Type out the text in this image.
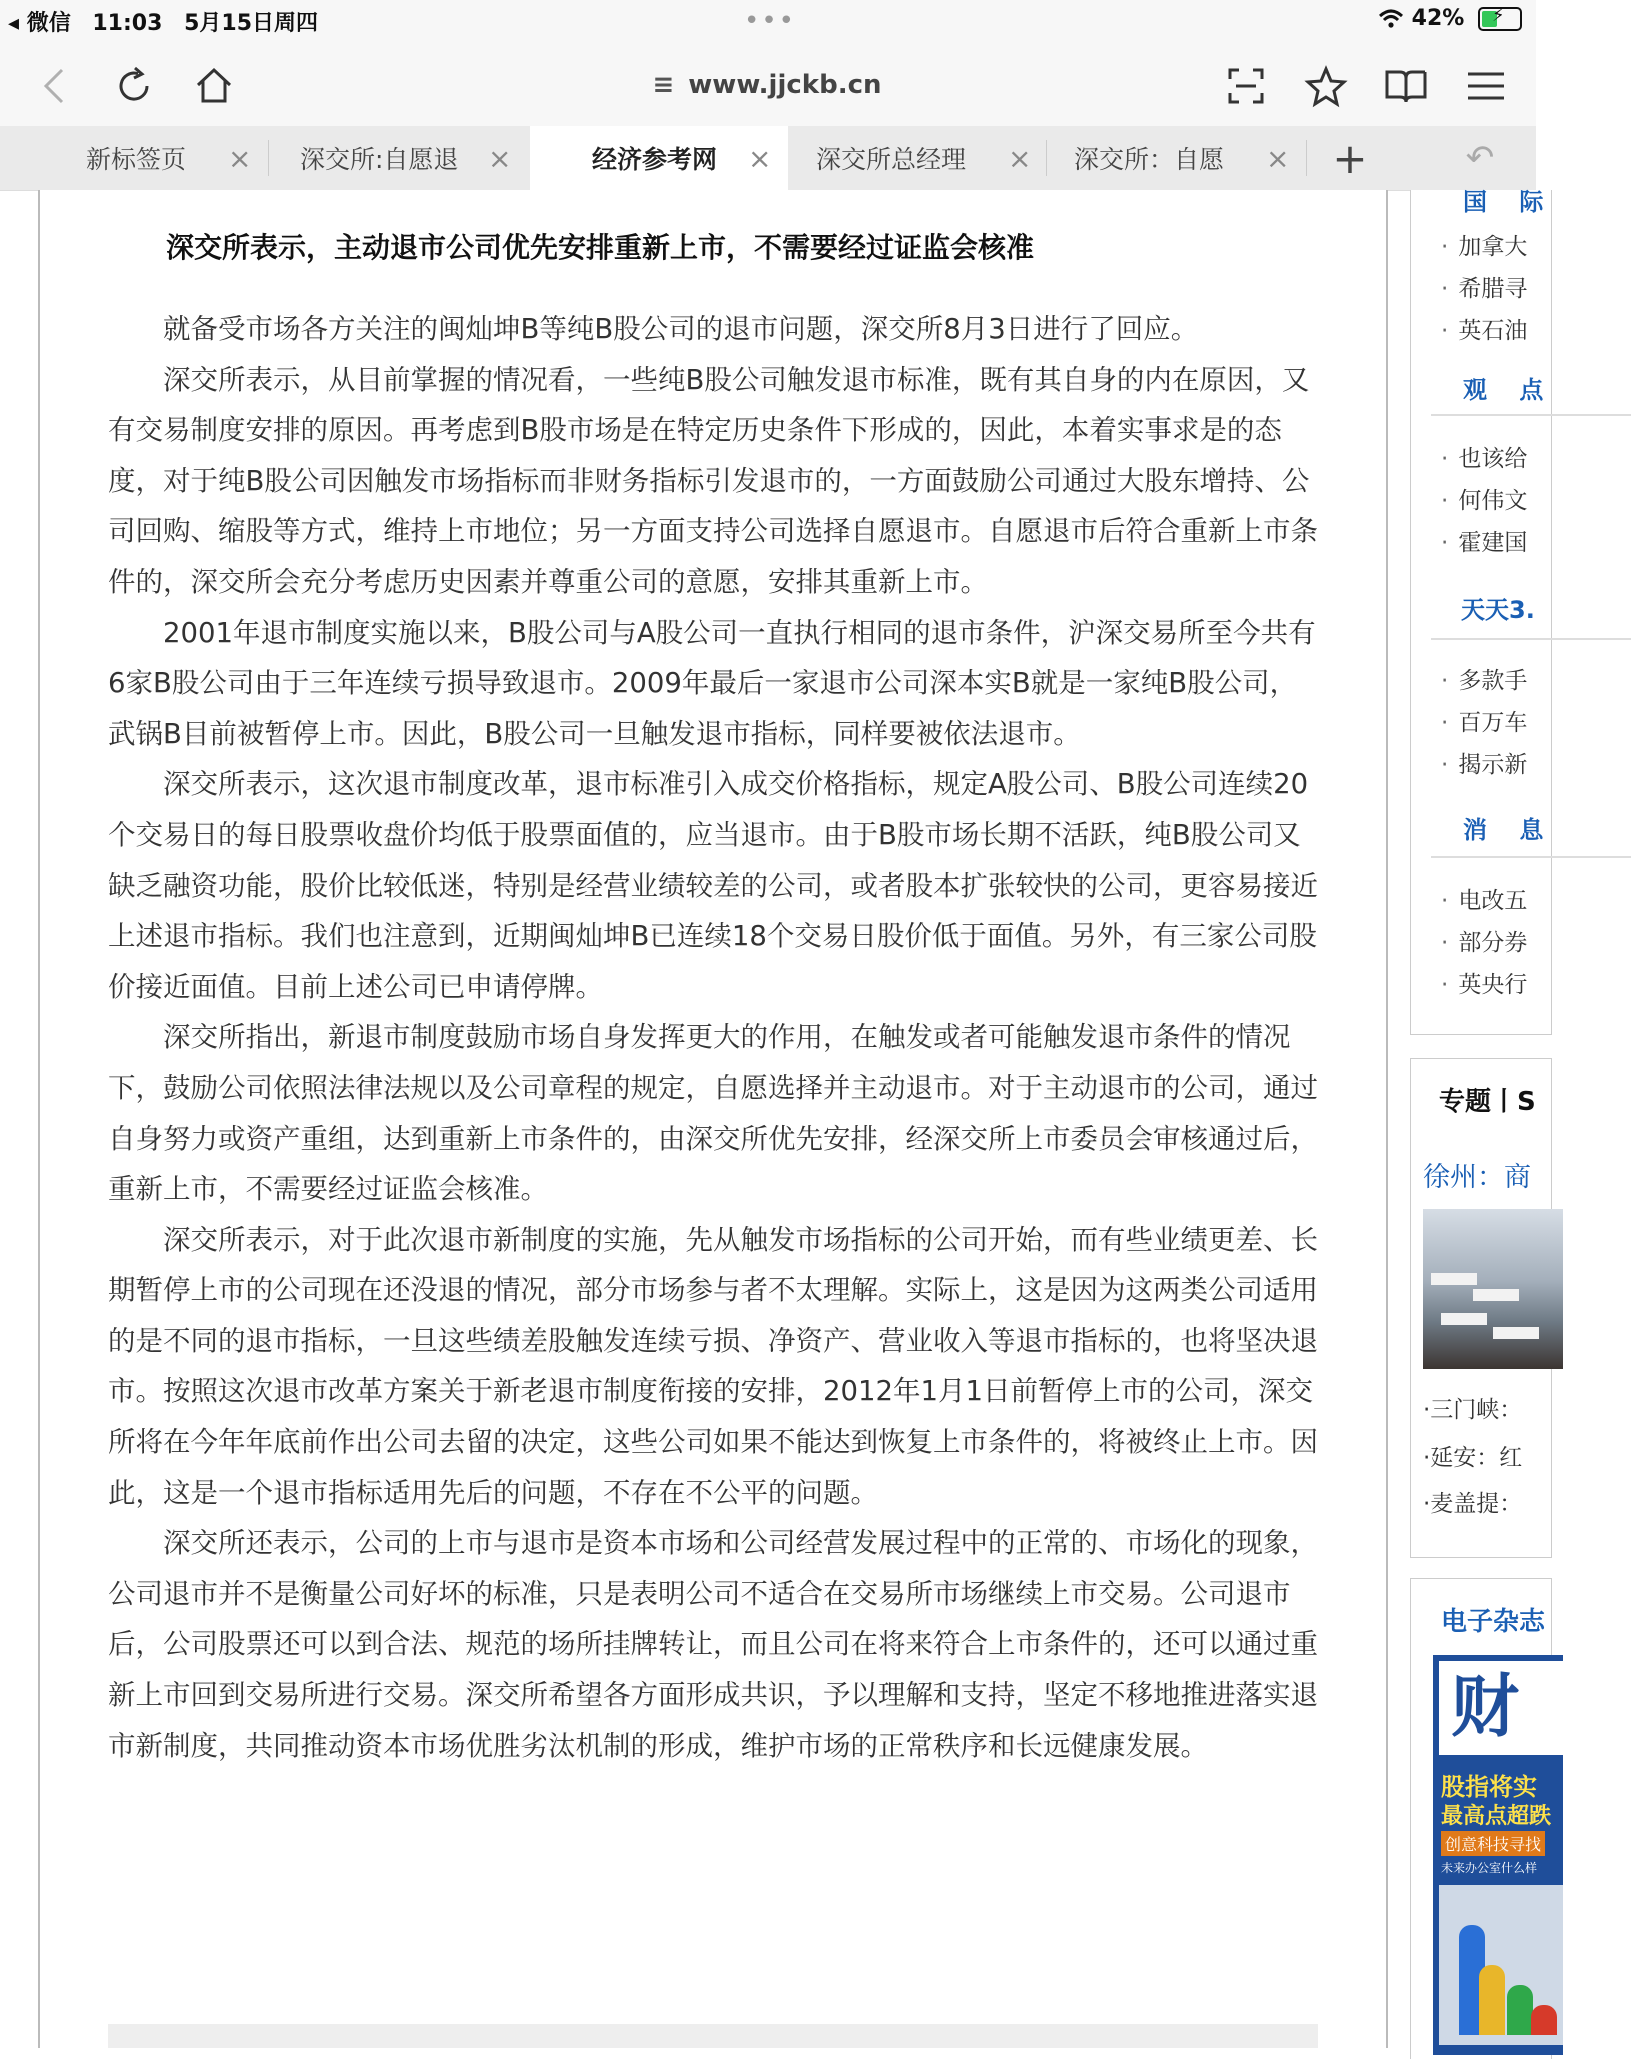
◂ 微信 11:03 5月15日周四	•••	42% ⚡
≡ www.jjckb.cn
新标签页 × 深交所:自愿退 ×	经济参考网 × 深交所总经理 × 深交所：自愿 × +	↶
深交所表示，主动退市公司优先安排重新上市，不需要经过证监会核准

就备受市场各方关注的闽灿坤B等纯B股公司的退市问题，深交所8月3日进行了回应。

深交所表示，从目前掌握的情况看，一些纯B股公司触发退市标准，既有其自身的内在原因，又有交易制度安排的原因。再考虑到B股市场是在特定历史条件下形成的，因此，本着实事求是的态度，对于纯B股公司因触发市场指标而非财务指标引发退市的，一方面鼓励公司通过大股东增持、公司回购、缩股等方式，维持上市地位；另一方面支持公司选择自愿退市。自愿退市后符合重新上市条件的，深交所会充分考虑历史因素并尊重公司的意愿，安排其重新上市。

2001年退市制度实施以来，B股公司与A股公司一直执行相同的退市条件，沪深交易所至今共有6家B股公司由于三年连续亏损导致退市。2009年最后一家退市公司深本实B就是一家纯B股公司，武锅B目前被暂停上市。因此，B股公司一旦触发退市指标，同样要被依法退市。

深交所表示，这次退市制度改革，退市标准引入成交价格指标，规定A股公司、B股公司连续20个交易日的每日股票收盘价均低于股票面值的，应当退市。由于B股市场长期不活跃，纯B股公司又缺乏融资功能，股价比较低迷，特别是经营业绩较差的公司，或者股本扩张较快的公司，更容易接近上述退市指标。我们也注意到，近期闽灿坤B已连续18个交易日股价低于面值。另外，有三家公司股价接近面值。目前上述公司已申请停牌。

深交所指出，新退市制度鼓励市场自身发挥更大的作用，在触发或者可能触发退市条件的情况下，鼓励公司依照法律法规以及公司章程的规定，自愿选择并主动退市。对于主动退市的公司，通过自身努力或资产重组，达到重新上市条件的，由深交所优先安排，经深交所上市委员会审核通过后，重新上市，不需要经过证监会核准。

深交所表示，对于此次退市新制度的实施，先从触发市场指标的公司开始，而有些业绩更差、长期暂停上市的公司现在还没退的情况，部分市场参与者不太理解。实际上，这是因为这两类公司适用的是不同的退市指标，一旦这些绩差股触发连续亏损、净资产、营业收入等退市指标的，也将坚决退市。按照这次退市改革方案关于新老退市制度衔接的安排，2012年1月1日前暂停上市的公司，深交所将在今年年底前作出公司去留的决定，这些公司如果不能达到恢复上市条件的，将被终止上市。因此，这是一个退市指标适用先后的问题，不存在不公平的问题。

深交所还表示，公司的上市与退市是资本市场和公司经营发展过程中的正常的、市场化的现象，公司退市并不是衡量公司好坏的标准，只是表明公司不适合在交易所市场继续上市交易。公司退市后，公司股票还可以到合法、规范的场所挂牌转让，而且公司在将来符合上市条件的，还可以通过重新上市回到交易所进行交易。深交所希望各方面形成共识，予以理解和支持，坚定不移地推进落实退市新制度，共同推动资本市场优胜劣汰机制的形成，维护市场的正常秩序和长远健康发展。

国 际
· 加拿大
· 希腊寻
· 英石油
观 点
· 也该给
· 何伟文
· 霍建国
天天3.
· 多款手
· 百万车
· 揭示新
消 息
· 电改五
· 部分券
· 英央行
专题丨S
徐州：商
·三门峡：
·延安：红
·麦盖提：
电子杂志
财
股指将实
最高点超跌
创意科技寻找
未来办公室什么样
